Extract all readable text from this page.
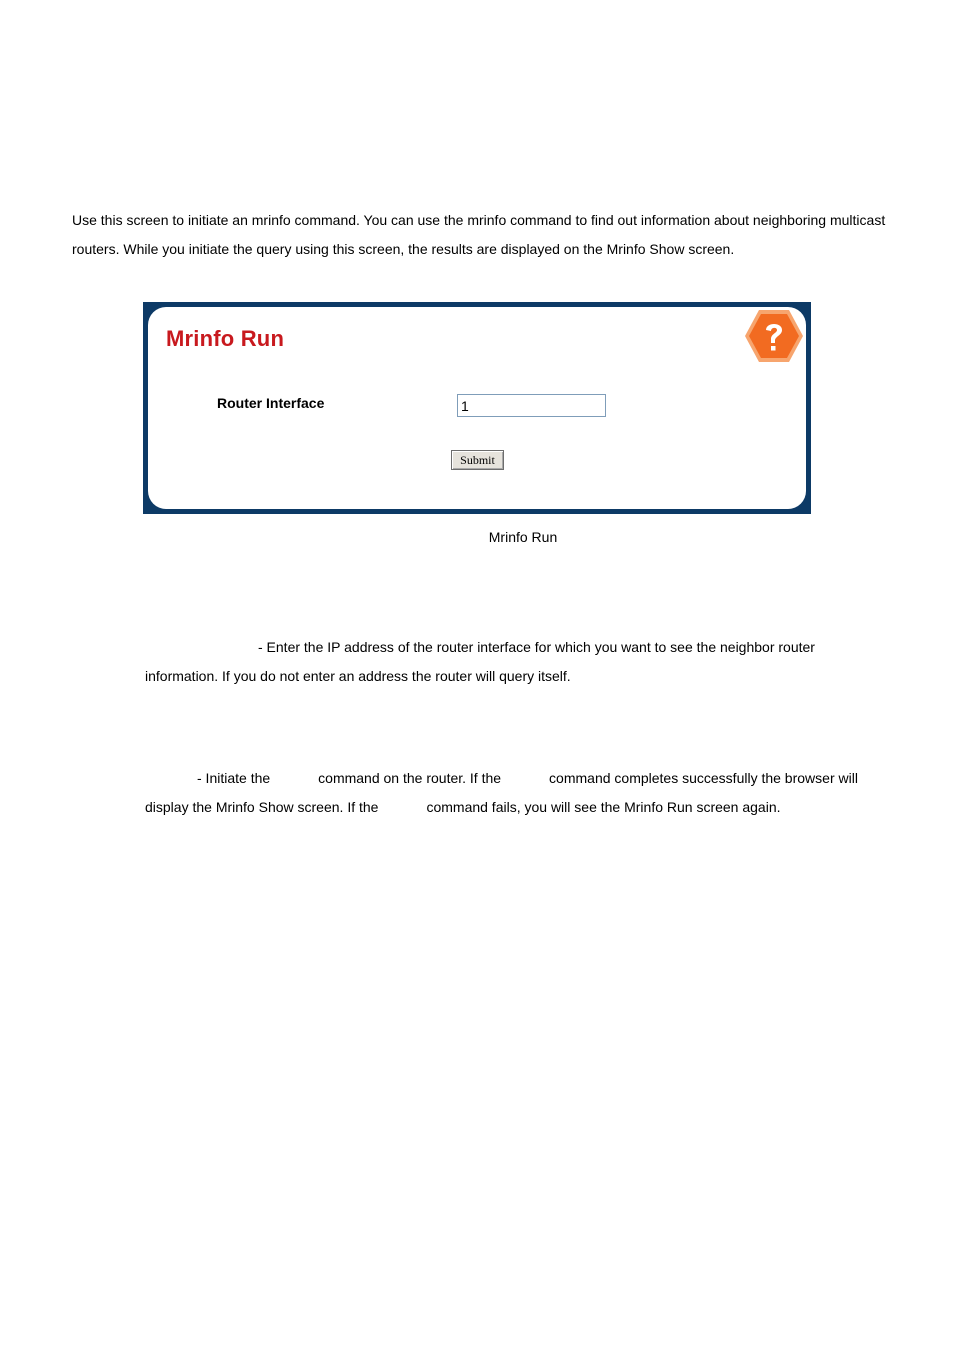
Use this screen to initiate an mrinfo command. You can use the mrinfo command to find out information about neighboring multicast routers. While you initiate the query using this screen, the results are displayed on the Mrinfo Show screen.

Mrinfo Run
Router Interface
1
Submit
Mrinfo Run

- Enter the IP address of the router interface for which you want to see the neighbor router information. If you do not enter an address the router will query itself.

- Initiate the	command on the router. If the	command completes successfully the browser will display the Mrinfo Show screen. If the	command fails, you will see the Mrinfo Run screen again.
